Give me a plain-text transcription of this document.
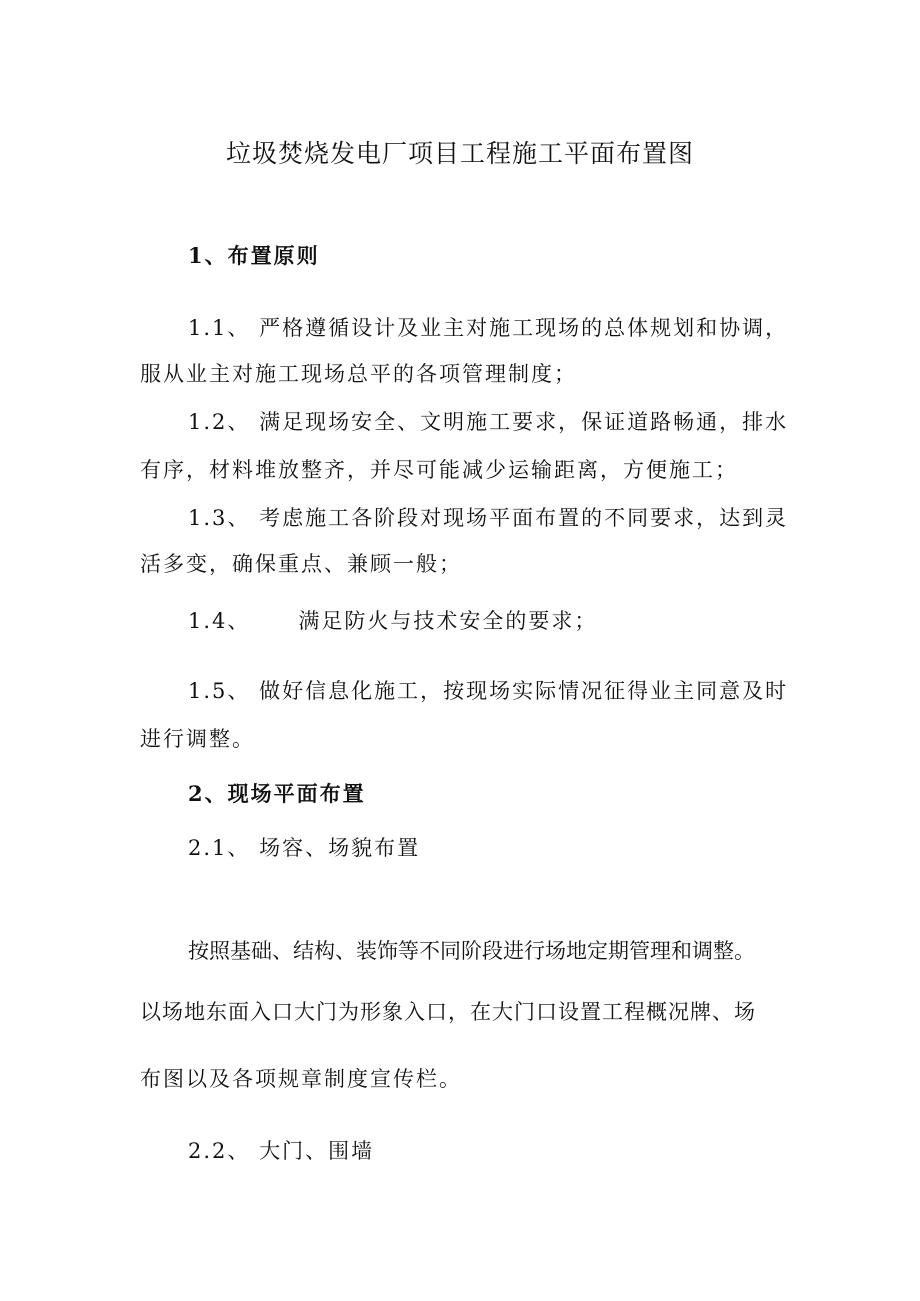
垃圾焚烧发电厂项目工程施工平面布置图
1、布置原则
1.1、 严格遵循设计及业主对施工现场的总体规划和协调，
服从业主对施工现场总平的各项管理制度；
1.2、 满足现场安全、文明施工要求，保证道路畅通，排水
有序，材料堆放整齐，并尽可能减少运输距离，方便施工；
1.3、 考虑施工各阶段对现场平面布置的不同要求，达到灵
活多变，确保重点、兼顾一般；
1.4、 满足防火与技术安全的要求；
1.5、 做好信息化施工，按现场实际情况征得业主同意及时
进行调整。
2、现场平面布置
2.1、 场容、场貌布置
按照基础、结构、装饰等不同阶段进行场地定期管理和调整。
以场地东面入口大门为形象入口，在大门口设置工程概况牌、场
布图以及各项规章制度宣传栏。
2.2、 大门、围墙
